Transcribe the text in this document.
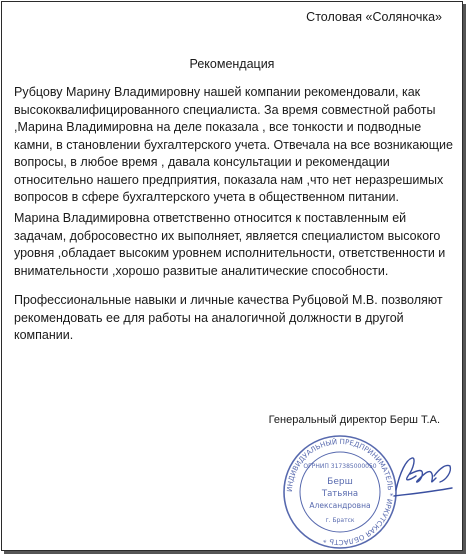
Столовая «Соляночка»
Рекомендация

Рубцову Марину Владимировну нашей компании рекомендовали, как высококвалифицированного специалиста. За время совместной работы ,Марина Владимировна на деле показала , все тонкости и подводные камни, в становлении бухгалтерского учета. Отвечала на все возникающие вопросы, в любое время , давала консультации и рекомендации относительно нашего предприятия, показала нам ,что нет неразрешимых вопросов в сфере бухгалтерского учета в общественном питании.

Марина Владимировна ответственно относится к поставленным ей задачам, добросовестно их выполняет, является специалистом высокого уровня ,обладает высоким уровнем исполнительности, ответственности и внимательности ,хорошо развитые аналитические способности.

Профессиональные навыки и личные качества Рубцовой М.В. позволяют рекомендовать ее для работы на аналогичной должности в другой компании.

Генеральный директор Берш Т.А.
ИНДИВИДУАЛЬНЫЙ ПРЕДПРИНИМАТЕЛЬ * ИРКУТСКАЯ ОБЛАСТЬ *
ОГРНИП 317385000050
Берш
Татьяна
Александровна
г. Братск
